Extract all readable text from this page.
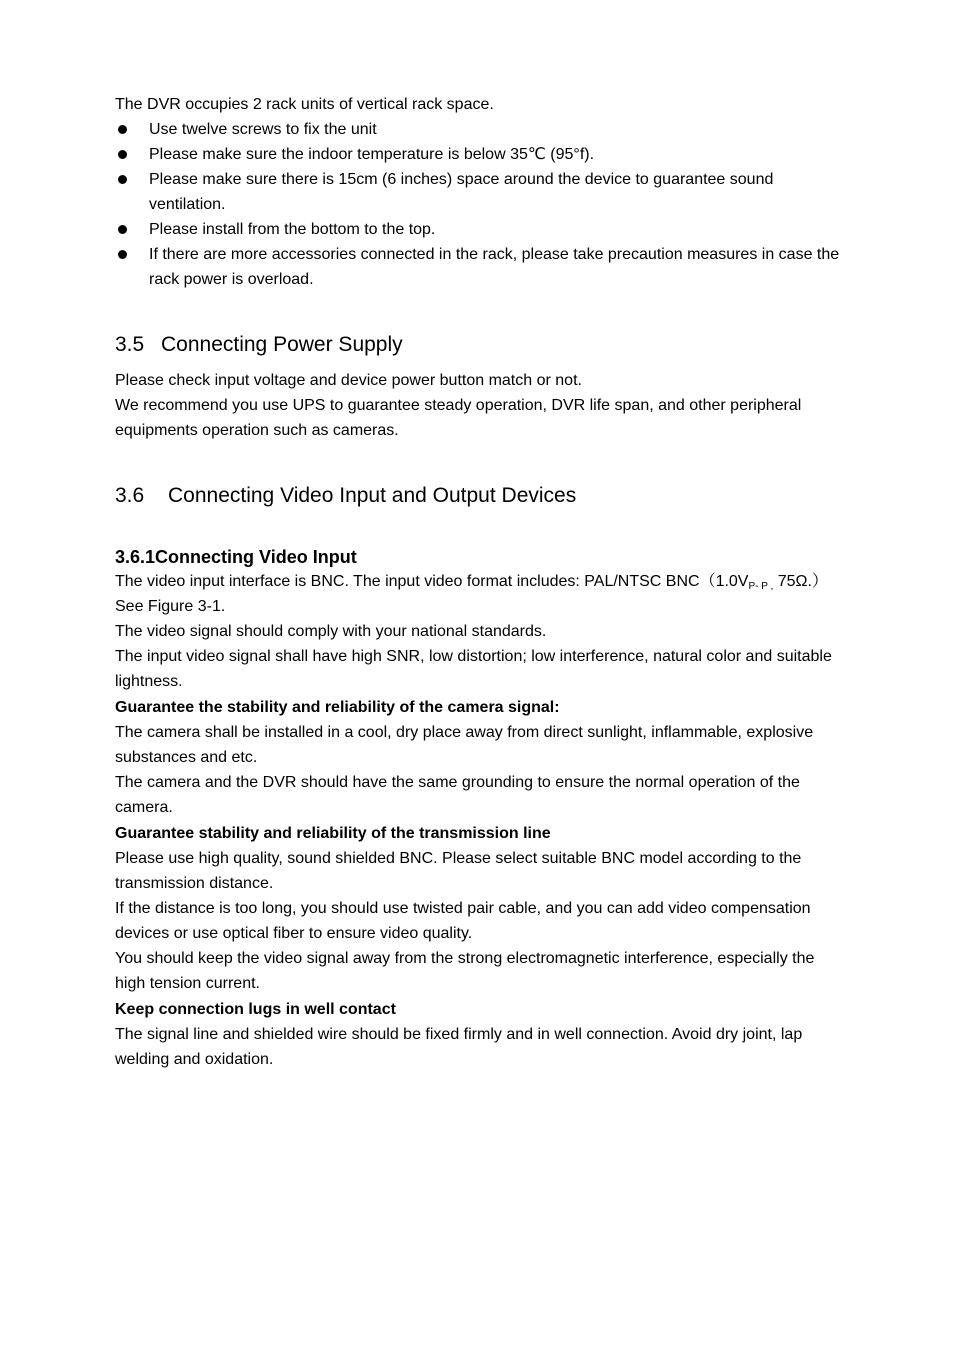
The DVR occupies 2 rack units of vertical rack space.

Use twelve screws to fix the unit
Please make sure the indoor temperature is below 35℃ (95°f).
Please make sure there is 15cm (6 inches) space around the device to guarantee sound ventilation.
Please install from the bottom to the top.
If there are more accessories connected in the rack, please take precaution measures in case the rack power is overload.
3.5 Connecting Power Supply

Please check input voltage and device power button match or not.

We recommend you use UPS to guarantee steady operation, DVR life span, and other peripheral equipments operation such as cameras.

3.6 Connecting Video Input and Output Devices
3.6.1Connecting Video Input

The video input interface is BNC. The input video format includes: PAL/NTSC $BNC(1.0V_{P- P ,}$ 75Ω.） See Figure 3-1.

The video signal should comply with your national standards.

The input video signal shall have high SNR, low distortion; low interference, natural color and suitable lightness.

Guarantee the stability and reliability of the camera signal:

The camera shall be installed in a cool, dry place away from direct sunlight, inflammable, explosive substances and etc.

The camera and the DVR should have the same grounding to ensure the normal operation of the camera.

Guarantee stability and reliability of the transmission line

Please use high quality, sound shielded BNC. Please select suitable BNC model according to the transmission distance.

If the distance is too long, you should use twisted pair cable, and you can add video compensation devices or use optical fiber to ensure video quality.

You should keep the video signal away from the strong electromagnetic interference, especially the high tension current.

Keep connection lugs in well contact

The signal line and shielded wire should be fixed firmly and in well connection. Avoid dry joint, lap welding and oxidation.
